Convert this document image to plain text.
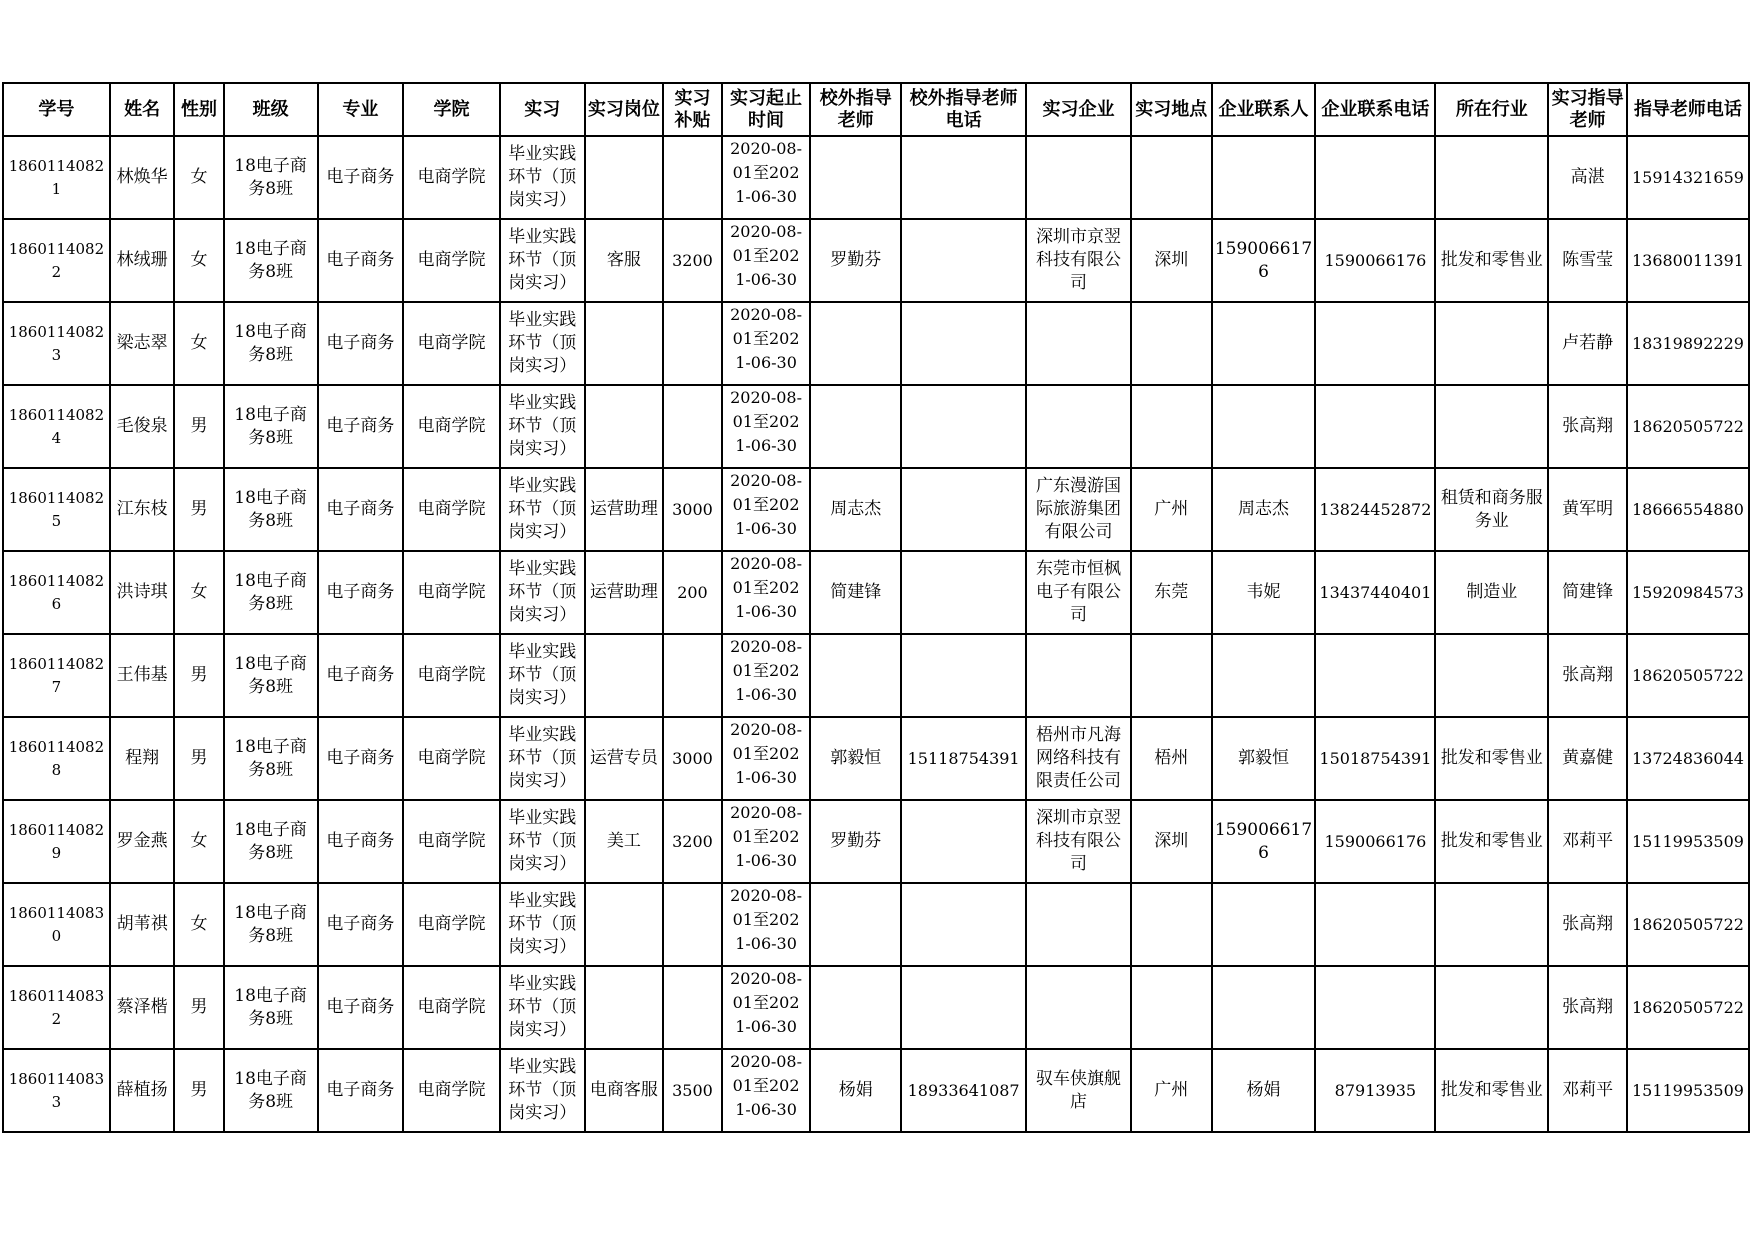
学号	姓名	性别	班级	专业	学院	实习	实习岗位	实习补贴	实习起止时间	校外指导老师	校外指导老师电话	实习企业	实习地点	企业联系人	企业联系电话	所在行业	实习指导老师	指导老师电话
18601140821	林焕华	女	18电子商务8班	电子商务	电商学院	毕业实践环节（顶岗实习）			2020-08-01至2021-06-30								高湛	15914321659
18601140822	林绒珊	女	18电子商务8班	电子商务	电商学院	毕业实践环节（顶岗实习）	客服	3200	2020-08-01至2021-06-30	罗勤芬		深圳市京翌科技有限公司	深圳	1590066176	1590066176	批发和零售业	陈雪莹	13680011391
18601140823	梁志翠	女	18电子商务8班	电子商务	电商学院	毕业实践环节（顶岗实习）			2020-08-01至2021-06-30								卢若静	18319892229
18601140824	毛俊泉	男	18电子商务8班	电子商务	电商学院	毕业实践环节（顶岗实习）			2020-08-01至2021-06-30								张高翔	18620505722
18601140825	江东枝	男	18电子商务8班	电子商务	电商学院	毕业实践环节（顶岗实习）	运营助理	3000	2020-08-01至2021-06-30	周志杰		广东漫游国际旅游集团有限公司	广州	周志杰	13824452872	租赁和商务服务业	黄军明	18666554880
18601140826	洪诗琪	女	18电子商务8班	电子商务	电商学院	毕业实践环节（顶岗实习）	运营助理	200	2020-08-01至2021-06-30	简建锋		东莞市恒枫电子有限公司	东莞	韦妮	13437440401	制造业	简建锋	15920984573
18601140827	王伟基	男	18电子商务8班	电子商务	电商学院	毕业实践环节（顶岗实习）			2020-08-01至2021-06-30								张高翔	18620505722
18601140828	程翔	男	18电子商务8班	电子商务	电商学院	毕业实践环节（顶岗实习）	运营专员	3000	2020-08-01至2021-06-30	郭毅恒	15118754391	梧州市凡海网络科技有限责任公司	梧州	郭毅恒	15018754391	批发和零售业	黄嘉健	13724836044
18601140829	罗金燕	女	18电子商务8班	电子商务	电商学院	毕业实践环节（顶岗实习）	美工	3200	2020-08-01至2021-06-30	罗勤芬		深圳市京翌科技有限公司	深圳	1590066176	1590066176	批发和零售业	邓莉平	15119953509
18601140830	胡苇祺	女	18电子商务8班	电子商务	电商学院	毕业实践环节（顶岗实习）			2020-08-01至2021-06-30								张高翔	18620505722
18601140832	蔡泽楷	男	18电子商务8班	电子商务	电商学院	毕业实践环节（顶岗实习）			2020-08-01至2021-06-30								张高翔	18620505722
18601140833	薛植扬	男	18电子商务8班	电子商务	电商学院	毕业实践环节（顶岗实习）	电商客服	3500	2020-08-01至2021-06-30	杨娟	18933641087	驭车侠旗舰店	广州	杨娟	87913935	批发和零售业	邓莉平	15119953509
